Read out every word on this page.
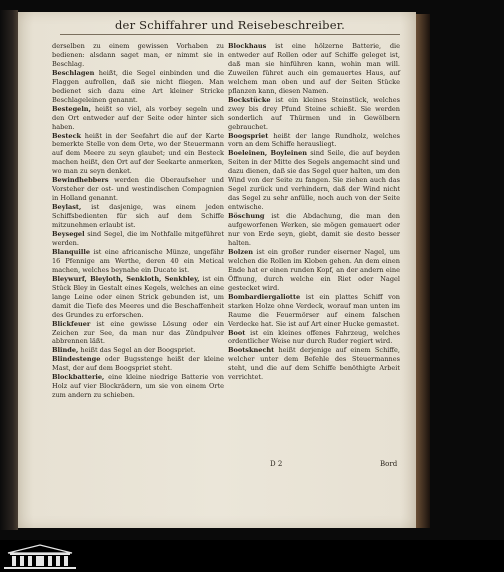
der Schiffahrer und Reisebeschreiber.

derselben zu einem gewissen Vorhaben zu bedienen: alsdann saget man, er nimmt sie in Beschlag.

Beschlagen heißt, die Segel einbinden und die Flaggen aufrollen, daß sie nicht fliegen. Man bedienet sich dazu eine Art kleiner Stricke Beschlageleinen genannt.

Bestegeln, heißt so viel, als vorbey segeln und den Ort entweder auf der Seite oder hinter sich haben.

Besteck heißt in der Seefahrt die auf der Karte bemerkte Stelle von dem Orte, wo der Steuermann auf dem Meere zu seyn glaubet; und ein Besteck machen heißt, den Ort auf der Seekarte anmerken, wo man zu seyn denket.

Bewindhebbers werden die Oberaufseher und Vorsteher der ost- und westindischen Compagnien in Holland genannt.

Beylast, ist dasjenige, was einem jeden Schiffsbedienten für sich auf dem Schiffe mitzunehmen erlaubt ist.

Beysegel sind Segel, die im Nothfalle mitgeführet werden.

Blanquille ist eine africanische Münze, ungefähr 16 Pfennige am Werthe, deren 40 ein Metical machen, welches beynahe ein Ducate ist.

Bleywurf, Bleyloth, Senkloth, Senkbley, ist ein Stück Bley in Gestalt eines Kegels, welches an eine lange Leine oder einen Strick gebunden ist, um damit die Tiefe des Meeres und die Beschaffenheit des Grundes zu erforschen.

Blickfeuer ist eine gewisse Lösung oder ein Zeichen zur See, da man nur das Zündpulver abbrennen läßt.

Blinde, heißt das Segel an der Boogspriet.

Blindestenge oder Bugsstenge heißt der kleine Mast, der auf dem Boogspriet steht.

Blockbatterie, eine kleine niedrige Batterie von Holz auf vier Blockrädern, um sie von einem Orte zum andern zu schieben.

Blockhaus ist eine hölzerne Batterie, die entweder auf Rollen oder auf Schiffe geleget ist, daß man sie hinführen kann, wohin man will. Zuweilen führet auch ein gemauertes Haus, auf welchem man oben und auf der Seiten Stücke pflanzen kann, diesen Namen.

Bockstücke ist ein kleines Steinstück, welches zwey bis drey Pfund Steine schießt. Sie werden sonderlich auf Thürmen und in Gewölbern gebrauchet.

Boogspriet heißt der lange Rundholz, welches vorn an dem Schiffe herausliegt.

Boeleinen, Boyleinen sind Seile, die auf beyden Seiten in der Mitte des Segels angemacht sind und dazu dienen, daß sie das Segel quer halten, um den Wind von der Seite zu fangen. Sie ziehen auch das Segel zurück und verhindern, daß der Wind nicht das Segel zu sehr anfülle, noch auch von der Seite entwische.

Böschung ist die Abdachung, die man den aufgeworfenen Werken, sie mögen gemauert oder nur von Erde seyn, giebt, damit sie desto besser halten.

Bolzen ist ein großer runder eiserner Nagel, um welchen die Rollen im Kloben gehen. An dem einen Ende hat er einen runden Kopf, an der andern eine Öffnung, durch welche ein Riet oder Nagel gestecket wird.

Bombardiergaliotte ist ein plattes Schiff von starken Holze ohne Verdeck, worauf man unten im Raume die Feuermörser auf einem falschen Verdecke hat. Sie ist auf Art einer Hucke gemastet.

Boot ist ein kleines offenes Fahrzeug, welches ordentlicher Weise nur durch Ruder regiert wird.

Bootsknecht heißt derjenige auf einem Schiffe, welcher unter dem Befehle des Steuermannes steht, und die auf dem Schiffe benöthigte Arbeit verrichtet.

D 2	Bord
